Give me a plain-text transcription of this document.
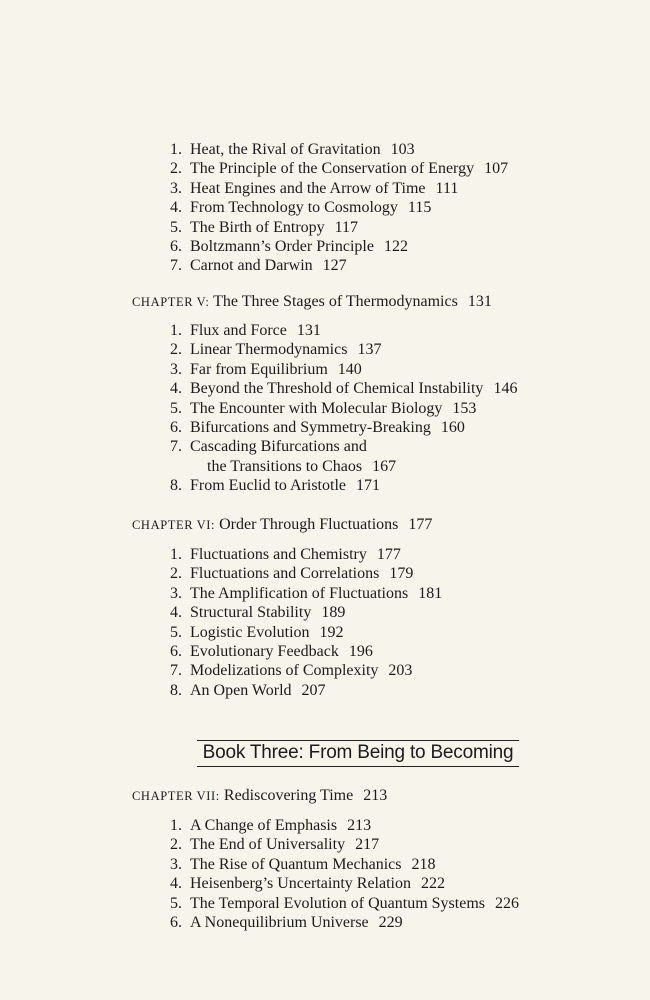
CHAPTER V: The Three Stages of Thermodynamics 131
CHAPTER VI: Order Through Fluctuations 177
Book Three: From Being to Becoming
CHAPTER VII: Rediscovering Time 213
1. Heat, the Rival of Gravitation 103
2. The Principle of the Conservation of Energy 107
3. Heat Engines and the Arrow of Time 111
4. From Technology to Cosmology 115
5. The Birth of Entropy 117
6. Boltzmann’s Order Principle 122
7. Carnot and Darwin 127
1. Flux and Force 131
2. Linear Thermodynamics 137
3. Far from Equilibrium 140
4. Beyond the Threshold of Chemical Instability 146
5. The Encounter with Molecular Biology 153
6. Bifurcations and Symmetry-Breaking 160
7. Cascading Bifurcations and
the Transitions to Chaos 167
8. From Euclid to Aristotle 171
1. Fluctuations and Chemistry 177
2. Fluctuations and Correlations 179
3. The Amplification of Fluctuations 181
4. Structural Stability 189
5. Logistic Evolution 192
6. Evolutionary Feedback 196
7. Modelizations of Complexity 203
8. An Open World 207
1. A Change of Emphasis 213
2. The End of Universality 217
3. The Rise of Quantum Mechanics 218
4. Heisenberg’s Uncertainty Relation 222
5. The Temporal Evolution of Quantum Systems 226
6. A Nonequilibrium Universe 229
